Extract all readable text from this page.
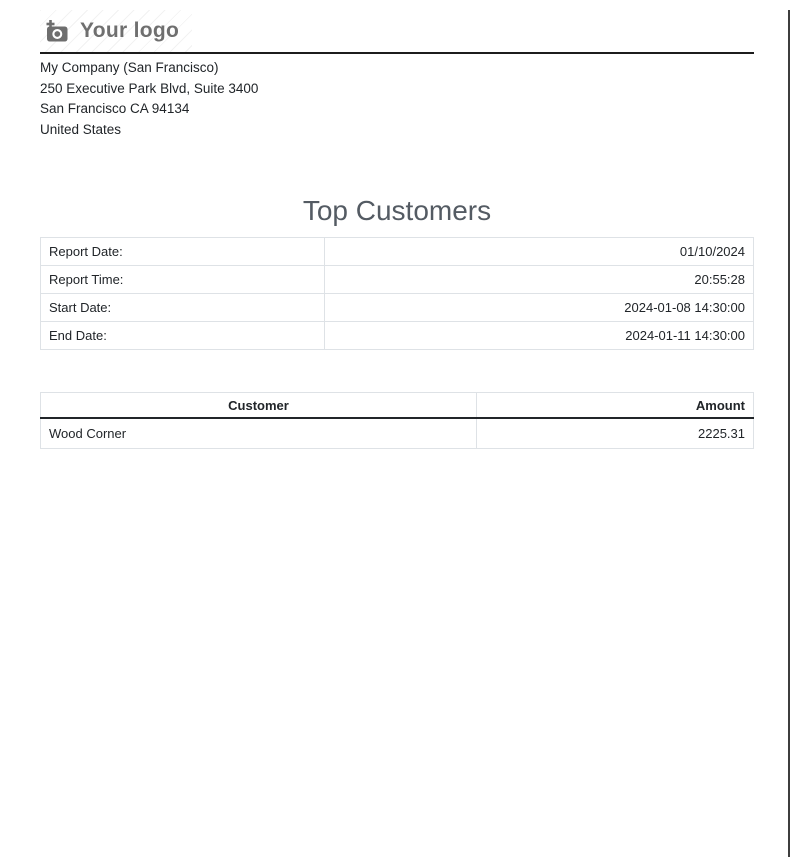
Your logo
My Company (San Francisco)
250 Executive Park Blvd, Suite 3400
San Francisco CA 94134
United States
Top Customers
Report Date:	01/10/2024
Report Time:	20:55:28
Start Date:	2024-01-08 14:30:00
End Date:	2024-01-11 14:30:00
Customer	Amount
Wood Corner	2225.31
